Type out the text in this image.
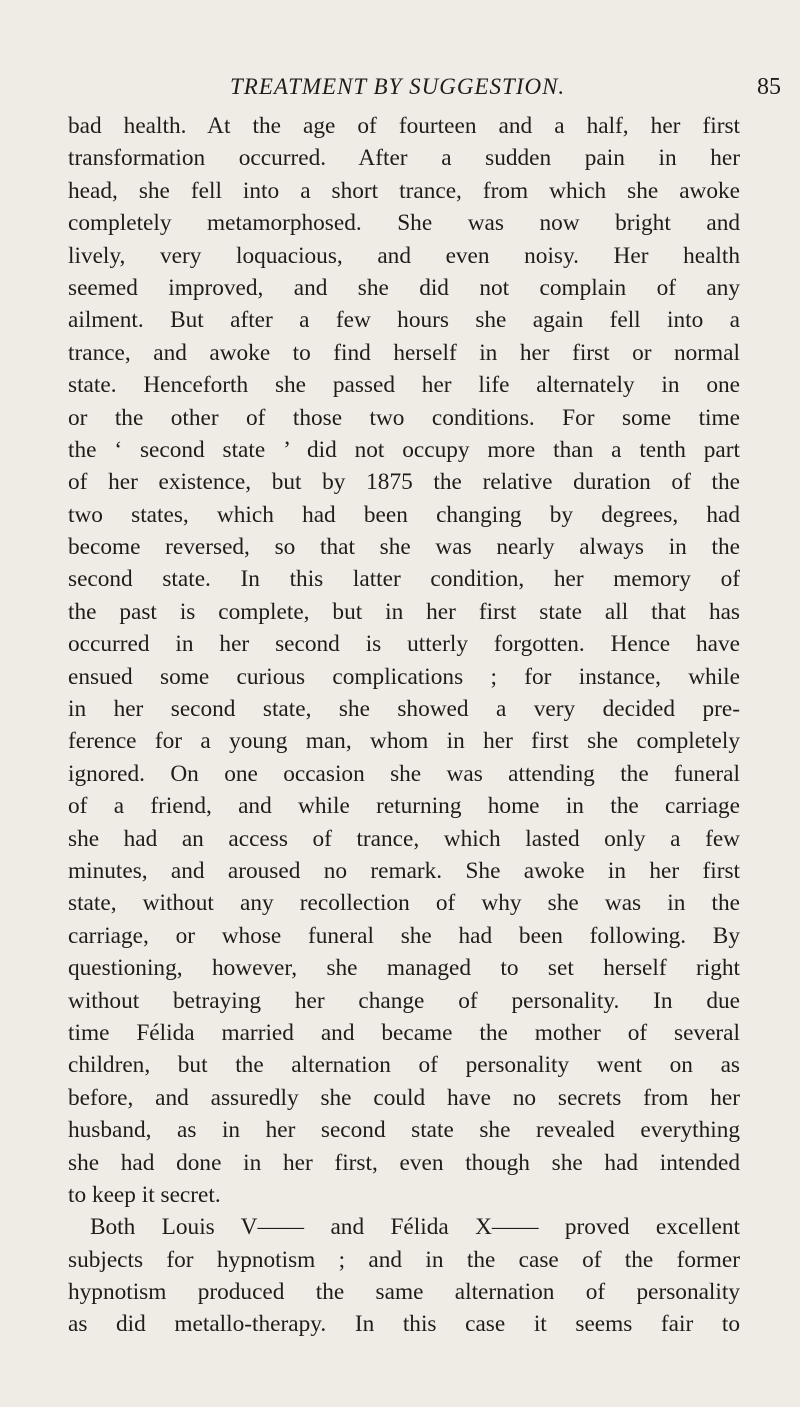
TREATMENT BY SUGGESTION.	85
bad health. At the age of fourteen and a half, her first
transformation occurred. After a sudden pain in her
head, she fell into a short trance, from which she awoke
completely metamorphosed. She was now bright and
lively, very loquacious, and even noisy. Her health
seemed improved, and she did not complain of any
ailment. But after a few hours she again fell into a
trance, and awoke to find herself in her first or normal
state. Henceforth she passed her life alternately in one
or the other of those two conditions. For some time
the ‘ second state ’ did not occupy more than a tenth part
of her existence, but by 1875 the relative duration of the
two states, which had been changing by degrees, had
become reversed, so that she was nearly always in the
second state. In this latter condition, her memory of
the past is complete, but in her first state all that has
occurred in her second is utterly forgotten. Hence have
ensued some curious complications ; for instance, while
in her second state, she showed a very decided pre-
ference for a young man, whom in her first she completely
ignored. On one occasion she was attending the funeral
of a friend, and while returning home in the carriage
she had an access of trance, which lasted only a few
minutes, and aroused no remark. She awoke in her first
state, without any recollection of why she was in the
carriage, or whose funeral she had been following. By
questioning, however, she managed to set herself right
without betraying her change of personality. In due
time Félida married and became the mother of several
children, but the alternation of personality went on as
before, and assuredly she could have no secrets from her
husband, as in her second state she revealed everything
she had done in her first, even though she had intended
to keep it secret.
Both Louis V—— and Félida X—— proved excellent
subjects for hypnotism ; and in the case of the former
hypnotism produced the same alternation of personality
as did metallo-therapy. In this case it seems fair to
